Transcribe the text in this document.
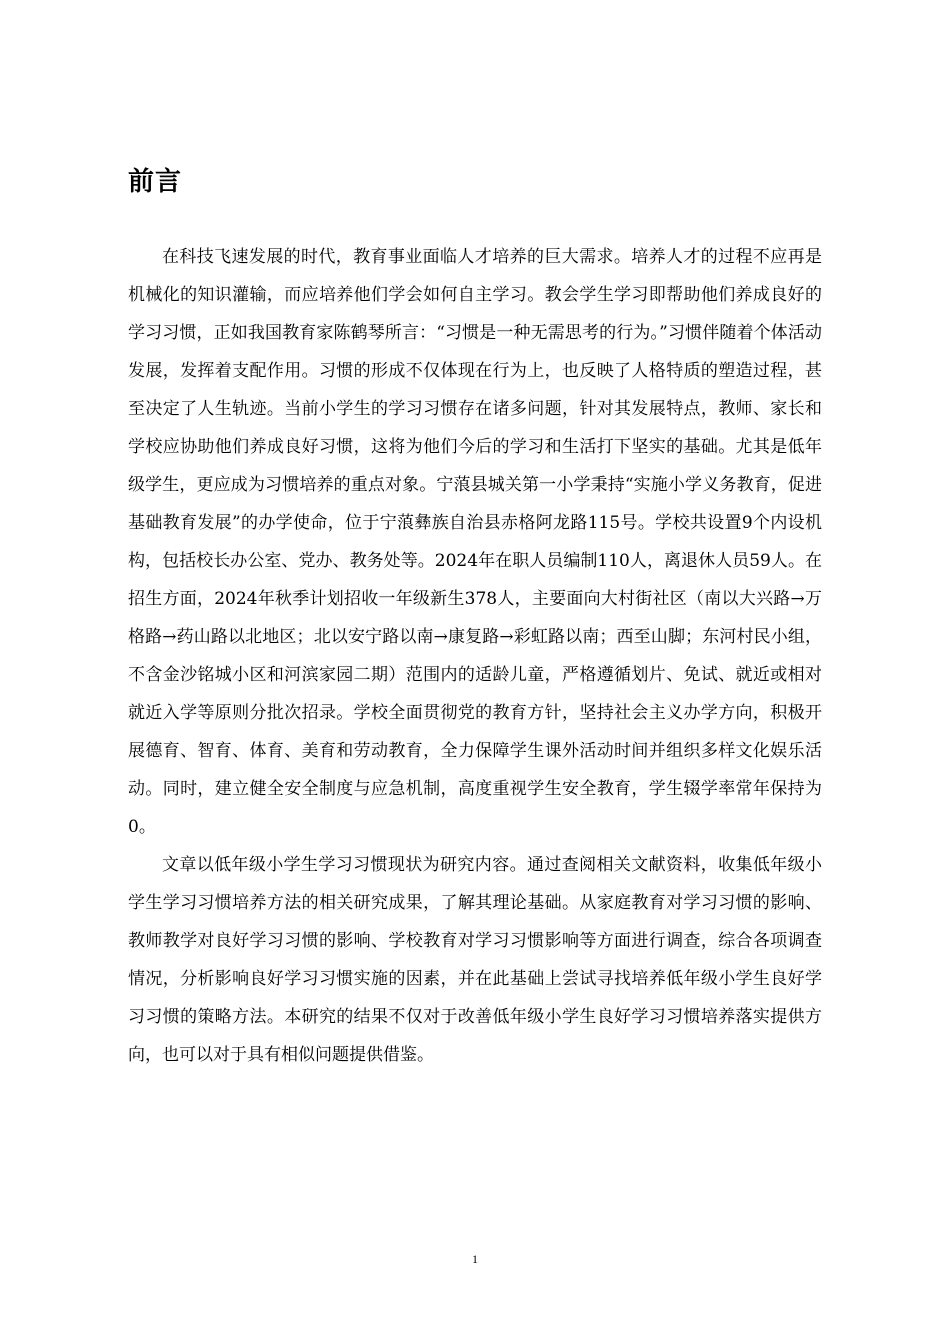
前言

在科技飞速发展的时代，教育事业面临人才培养的巨大需求。培养人才的过程不应再是机械化的知识灌输，而应培养他们学会如何自主学习。教会学生学习即帮助他们养成良好的学习习惯，正如我国教育家陈鹤琴所言：“习惯是一种无需思考的行为。”习惯伴随着个体活动发展，发挥着支配作用。习惯的形成不仅体现在行为上，也反映了人格特质的塑造过程，甚至决定了人生轨迹。当前小学生的学习习惯存在诸多问题，针对其发展特点，教师、家长和学校应协助他们养成良好习惯，这将为他们今后的学习和生活打下坚实的基础。尤其是低年级学生，更应成为习惯培养的重点对象。宁蒗县城关第一小学秉持“实施小学义务教育，促进基础教育发展”的办学使命，位于宁蒗彝族自治县赤格阿龙路115号。学校共设置9个内设机构，包括校长办公室、党办、教务处等。2024年在职人员编制110人，离退休人员59人。在招生方面，2024年秋季计划招收一年级新生378人，主要面向大村街社区（南以大兴路→万格路→药山路以北地区；北以安宁路以南→康复路→彩虹路以南；西至山脚；东河村民小组，不含金沙铭城小区和河滨家园二期）范围内的适龄儿童，严格遵循划片、免试、就近或相对就近入学等原则分批次招录。学校全面贯彻党的教育方针，坚持社会主义办学方向，积极开展德育、智育、体育、美育和劳动教育，全力保障学生课外活动时间并组织多样文化娱乐活动。同时，建立健全安全制度与应急机制，高度重视学生安全教育，学生辍学率常年保持为0。

文章以低年级小学生学习习惯现状为研究内容。通过查阅相关文献资料，收集低年级小学生学习习惯培养方法的相关研究成果，了解其理论基础。从家庭教育对学习习惯的影响、教师教学对良好学习习惯的影响、学校教育对学习习惯影响等方面进行调查，综合各项调查情况，分析影响良好学习习惯实施的因素，并在此基础上尝试寻找培养低年级小学生良好学习习惯的策略方法。本研究的结果不仅对于改善低年级小学生良好学习习惯培养落实提供方向，也可以对于具有相似问题提供借鉴。

1
